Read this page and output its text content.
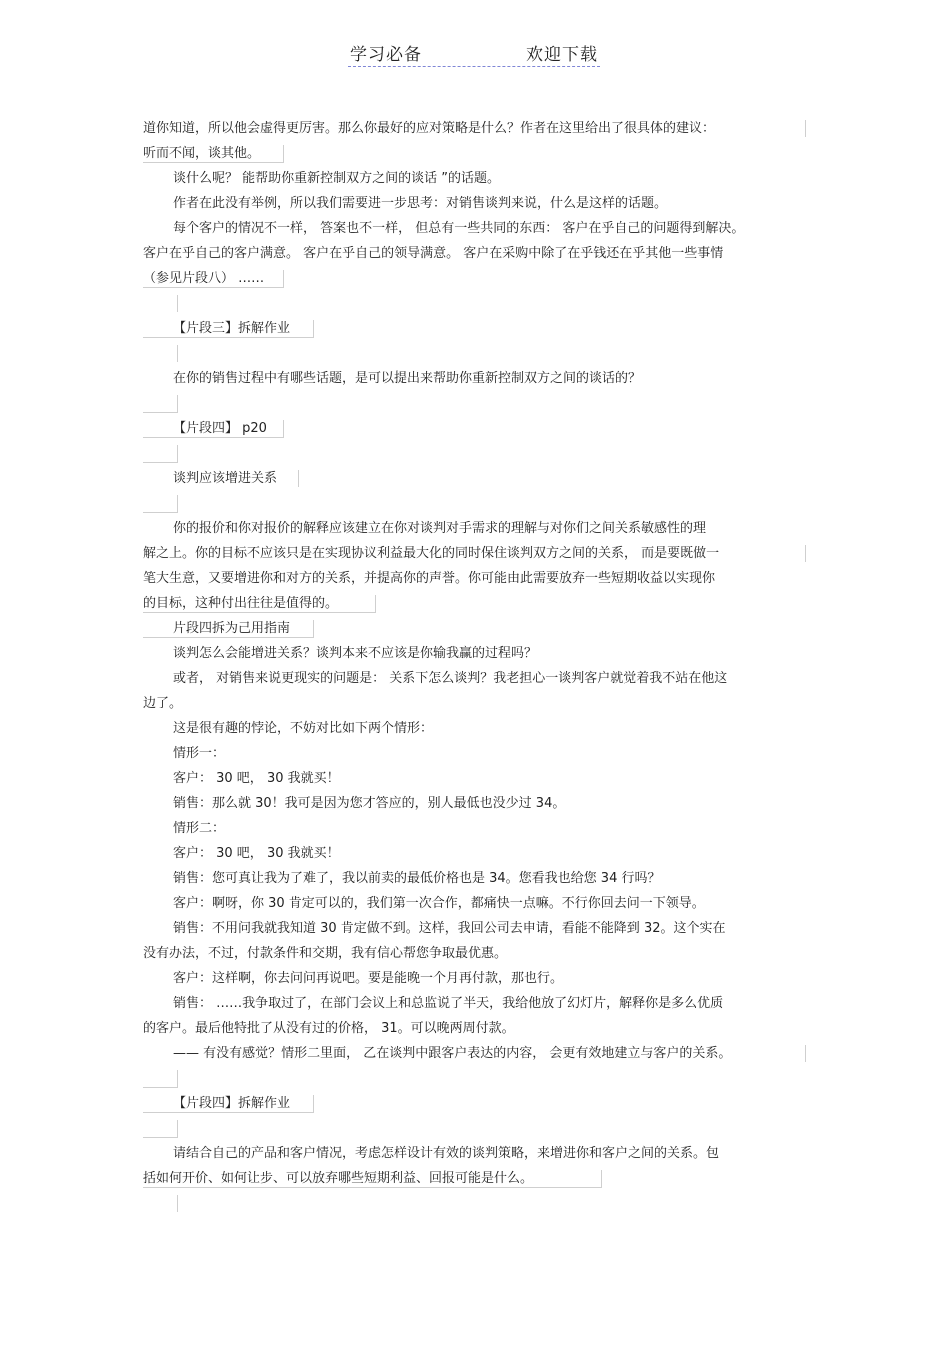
学习必备	欢迎下载
道你知道，所以他会虚得更厉害。那么你最好的应对策略是什么？作者在这里给出了很具体的建议：
听而不闻，谈其他。
谈什么呢？ 能帮助你重新控制双方之间的谈话 ”的话题。
作者在此没有举例，所以我们需要进一步思考：对销售谈判来说，什么是这样的话题。
每个客户的情况不一样， 答案也不一样， 但总有一些共同的东西： 客户在乎自己的问题得到解决。
客户在乎自己的客户满意。 客户在乎自己的领导满意。 客户在采购中除了在乎钱还在乎其他一些事情
（参见片段八） ……
【片段三】拆解作业
在你的销售过程中有哪些话题，是可以提出来帮助你重新控制双方之间的谈话的？
【片段四】 p20
谈判应该增进关系
你的报价和你对报价的解释应该建立在你对谈判对手需求的理解与对你们之间关系敏感性的理
解之上。你的目标不应该只是在实现协议利益最大化的同时保住谈判双方之间的关系， 而是要既做一
笔大生意，又要增进你和对方的关系，并提高你的声誉。你可能由此需要放弃一些短期收益以实现你
的目标，这种付出往往是值得的。
片段四拆为己用指南
谈判怎么会能增进关系？谈判本来不应该是你输我赢的过程吗？
或者， 对销售来说更现实的问题是： 关系下怎么谈判？我老担心一谈判客户就觉着我不站在他这
边了。
这是很有趣的悖论，不妨对比如下两个情形：
情形一：
客户： 30 吧， 30 我就买！
销售：那么就 30！我可是因为您才答应的，别人最低也没少过 34。
情形二：
客户： 30 吧， 30 我就买！
销售：您可真让我为了难了，我以前卖的最低价格也是 34。您看我也给您 34 行吗？
客户：啊呀，你 30 肯定可以的，我们第一次合作，都痛快一点嘛。不行你回去问一下领导。
销售：不用问我就我知道 30 肯定做不到。这样，我回公司去申请，看能不能降到 32。这个实在
没有办法，不过，付款条件和交期，我有信心帮您争取最优惠。
客户：这样啊，你去问问再说吧。要是能晚一个月再付款，那也行。
销售： ……我争取过了，在部门会议上和总监说了半天，我给他放了幻灯片，解释你是多么优质
的客户。最后他特批了从没有过的价格， 31。可以晚两周付款。
—— 有没有感觉？情形二里面， 乙在谈判中跟客户表达的内容， 会更有效地建立与客户的关系。
【片段四】拆解作业
请结合自己的产品和客户情况，考虑怎样设计有效的谈判策略，来增进你和客户之间的关系。包
括如何开价、如何让步、可以放弃哪些短期利益、回报可能是什么。
